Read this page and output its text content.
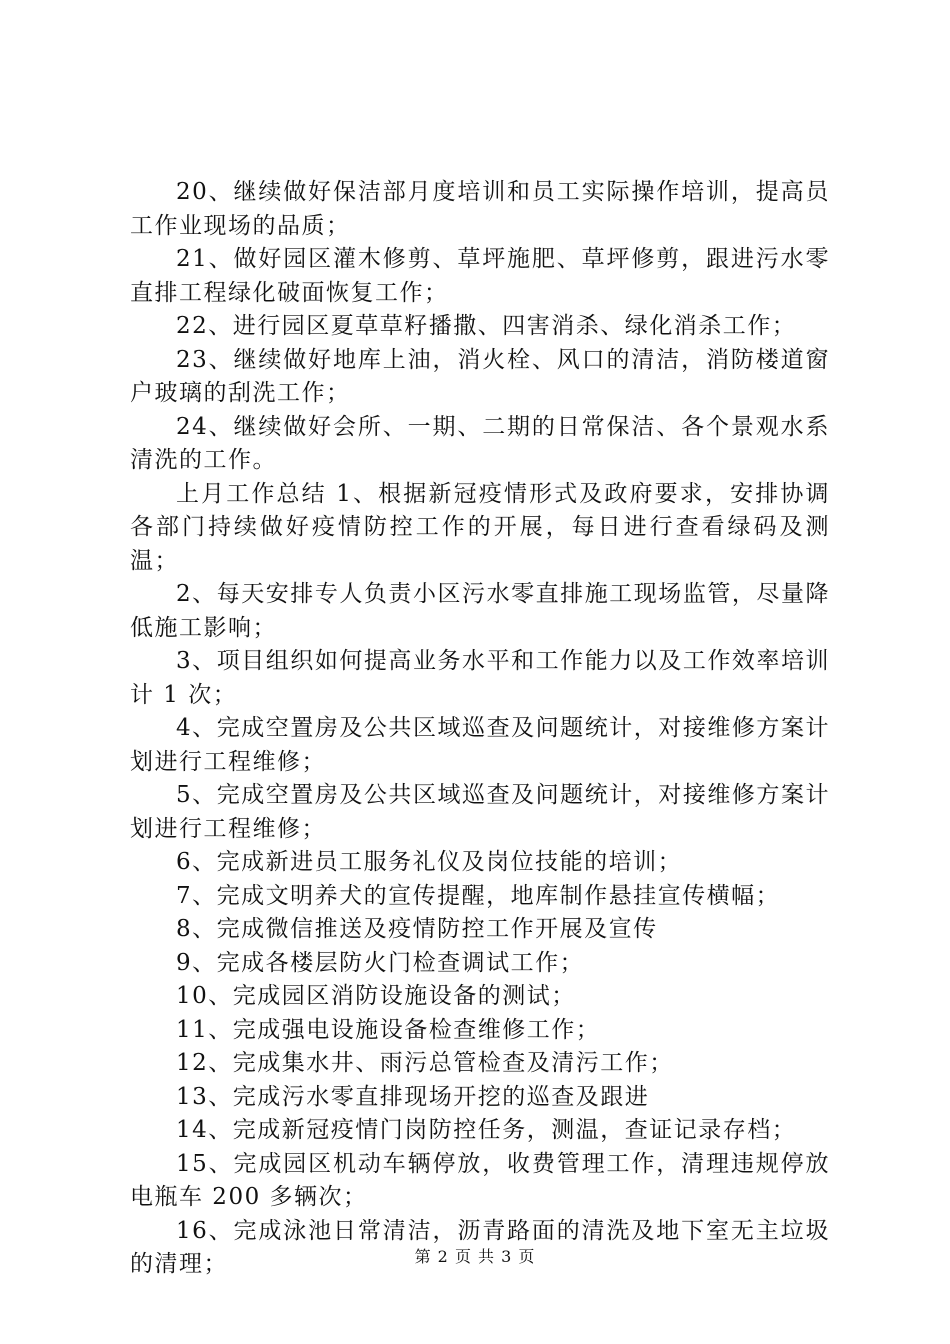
20、继续做好保洁部月度培训和员工实际操作培训，提高员工作业现场的品质；

21、做好园区灌木修剪、草坪施肥、草坪修剪，跟进污水零直排工程绿化破面恢复工作；

22、进行园区夏草草籽播撒、四害消杀、绿化消杀工作；

23、继续做好地库上油，消火栓、风口的清洁，消防楼道窗户玻璃的刮洗工作；

24、继续做好会所、一期、二期的日常保洁、各个景观水系清洗的工作。

上月工作总结 1、根据新冠疫情形式及政府要求，安排协调各部门持续做好疫情防控工作的开展，每日进行查看绿码及测温；

2、每天安排专人负责小区污水零直排施工现场监管，尽量降低施工影响；

3、项目组织如何提高业务水平和工作能力以及工作效率培训计 1 次；

4、完成空置房及公共区域巡查及问题统计，对接维修方案计划进行工程维修；

5、完成空置房及公共区域巡查及问题统计，对接维修方案计划进行工程维修；

6、完成新进员工服务礼仪及岗位技能的培训；

7、完成文明养犬的宣传提醒，地库制作悬挂宣传横幅；

8、完成微信推送及疫情防控工作开展及宣传

9、完成各楼层防火门检查调试工作；

10、完成园区消防设施设备的测试；

11、完成强电设施设备检查维修工作；

12、完成集水井、雨污总管检查及清污工作；

13、完成污水零直排现场开挖的巡查及跟进

14、完成新冠疫情门岗防控任务，测温，查证记录存档；

15、完成园区机动车辆停放，收费管理工作，清理违规停放电瓶车 200 多辆次；

16、完成泳池日常清洁，沥青路面的清洗及地下室无主垃圾的清理；	第 2 页 共 3 页
